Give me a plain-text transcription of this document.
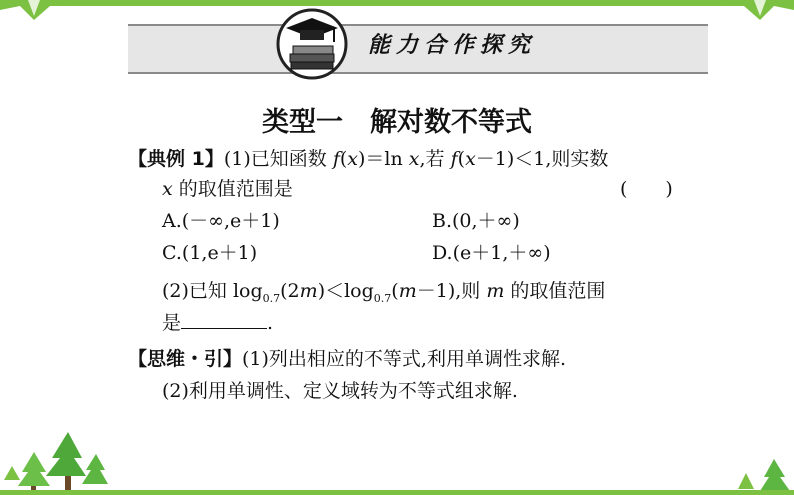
能力合作探究
类型一　解对数不等式
【典例 1】(1)已知函数 f(x)＝ln x,若 f(x－1)＜1,则实数
x 的取值范围是	(　　)
A.(－∞,e＋1)	B.(0,＋∞)
C.(1,e＋1)	D.(e＋1,＋∞)
(2)已知 $\log_{0.7}(2m)<\log_{0.7}(m-1)$,则 m 的取值范围
是	.
【思维・引】(1)列出相应的不等式,利用单调性求解.
(2)利用单调性、定义域转为不等式组求解.
